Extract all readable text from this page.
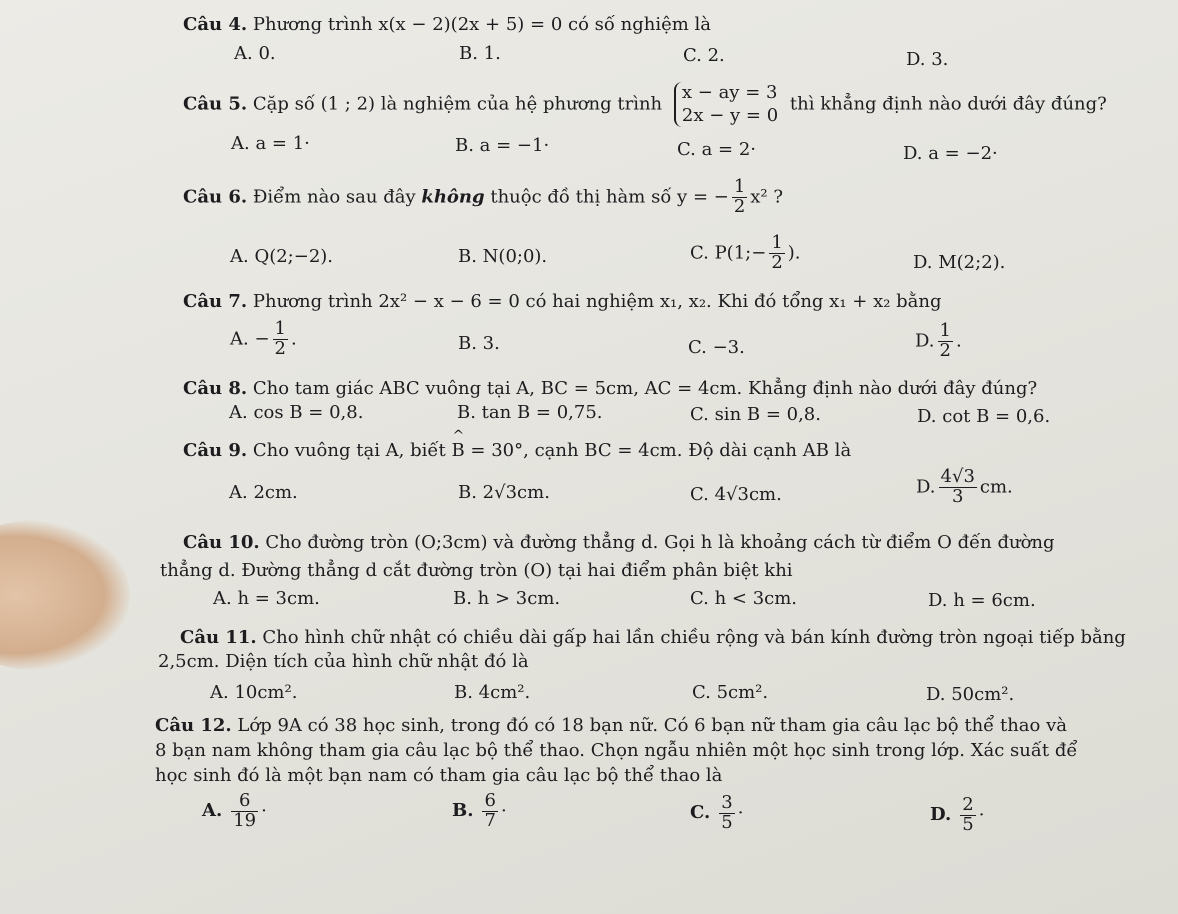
Câu 4. Phương trình x(x − 2)(2x + 5) = 0 có số nghiệm là
A. 0.	B. 1.	C. 2.	D. 3.
Câu 5. Cặp số (1 ; 2) là nghiệm của hệ phương trình
x − ay = 3
2x − y = 0
thì khẳng định nào dưới đây đúng?
A. a = 1·	B. a = −1·	C. a = 2·	D. a = −2·
Câu 6. Điểm nào sau đây không thuộc đồ thị hàm số y = − $\frac{1}{2} x^2$ ?
A. Q(2;−2).	B. N(0;0).	C. P(1;− $\frac{1}{2}$ ).	D. M(2;2).
Câu 7. Phương trình 2x² − x − 6 = 0 có hai nghiệm x₁, x₂. Khi đó tổng x₁ + x₂ bằng
A. − $\frac{1}{2}$ .	B. 3.	C. −3.	D. $\frac{1}{2}$ .
Câu 8. Cho tam giác ABC vuông tại A, BC = 5cm, AC = 4cm. Khẳng định nào dưới đây đúng?
A. cos B = 0,8.	B. tan B = 0,75.	C. sin B = 0,8.	D. cot B = 0,6.
Câu 9. Cho vuông tại A, biết ^ B = 30°, cạnh BC = 4cm. Độ dài cạnh AB là
A. 2cm.	B. 2√3cm.	C. 4√3cm.	D. $\frac{4√3}{3}$ cm.
Câu 10. Cho đường tròn (O;3cm) và đường thẳng d. Gọi h là khoảng cách từ điểm O đến đường
thẳng d. Đường thẳng d cắt đường tròn (O) tại hai điểm phân biệt khi
A. h = 3cm.	B. h > 3cm.	C. h < 3cm.	D. h = 6cm.
Câu 11. Cho hình chữ nhật có chiều dài gấp hai lần chiều rộng và bán kính đường tròn ngoại tiếp bằng
2,5cm. Diện tích của hình chữ nhật đó là
A. 10cm².	B. 4cm².	C. 5cm².	D. 50cm².
Câu 12. Lớp 9A có 38 học sinh, trong đó có 18 bạn nữ. Có 6 bạn nữ tham gia câu lạc bộ thể thao và
8 bạn nam không tham gia câu lạc bộ thể thao. Chọn ngẫu nhiên một học sinh trong lớp. Xác suất để
học sinh đó là một bạn nam có tham gia câu lạc bộ thể thao là
A. $\frac{6}{19}$ ·	B. $\frac{6}{7}$ ·	C. $\frac{3}{5}$ ·	D. $\frac{2}{5}$ ·
